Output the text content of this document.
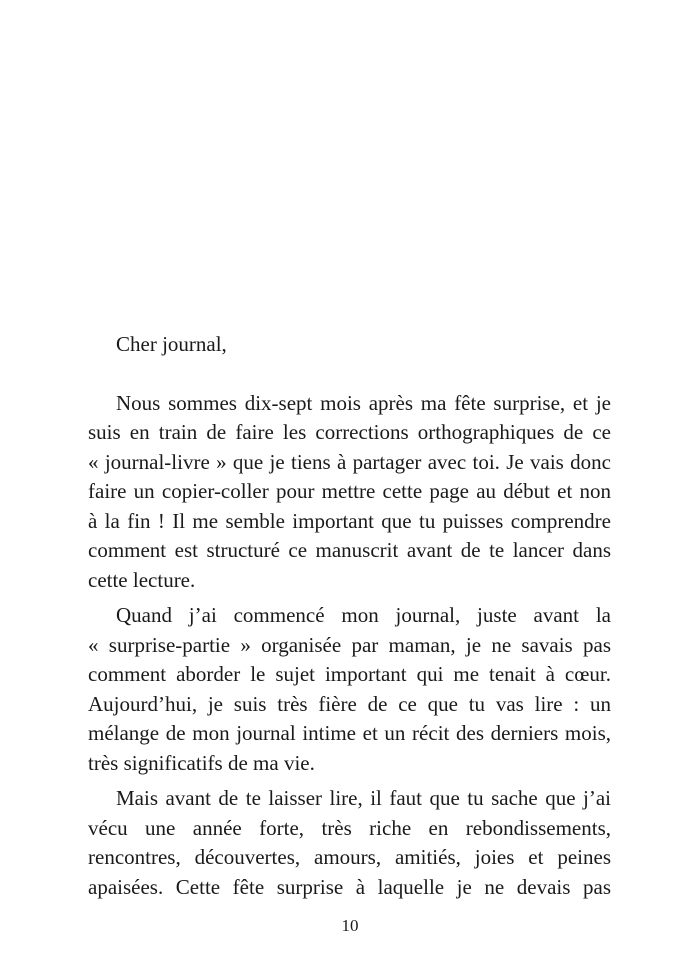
Cher journal,

Nous sommes dix-sept mois après ma fête surprise, et je
suis en train de faire les corrections orthographiques de ce
« journal-livre » que je tiens à partager avec toi. Je vais donc
faire un copier-coller pour mettre cette page au début et non
à la fin ! Il me semble important que tu puisses comprendre
comment est structuré ce manuscrit avant de te lancer dans
cette lecture.
Quand j’ai commencé mon journal, juste avant la
« surprise-partie » organisée par maman, je ne savais pas
comment aborder le sujet important qui me tenait à cœur.
Aujourd’hui, je suis très fière de ce que tu vas lire : un
mélange de mon journal intime et un récit des derniers mois,
très significatifs de ma vie.
Mais avant de te laisser lire, il faut que tu sache que j’ai
vécu une année forte, très riche en rebondissements,
rencontres, découvertes, amours, amitiés, joies et peines
apaisées. Cette fête surprise à laquelle je ne devais pas
10
